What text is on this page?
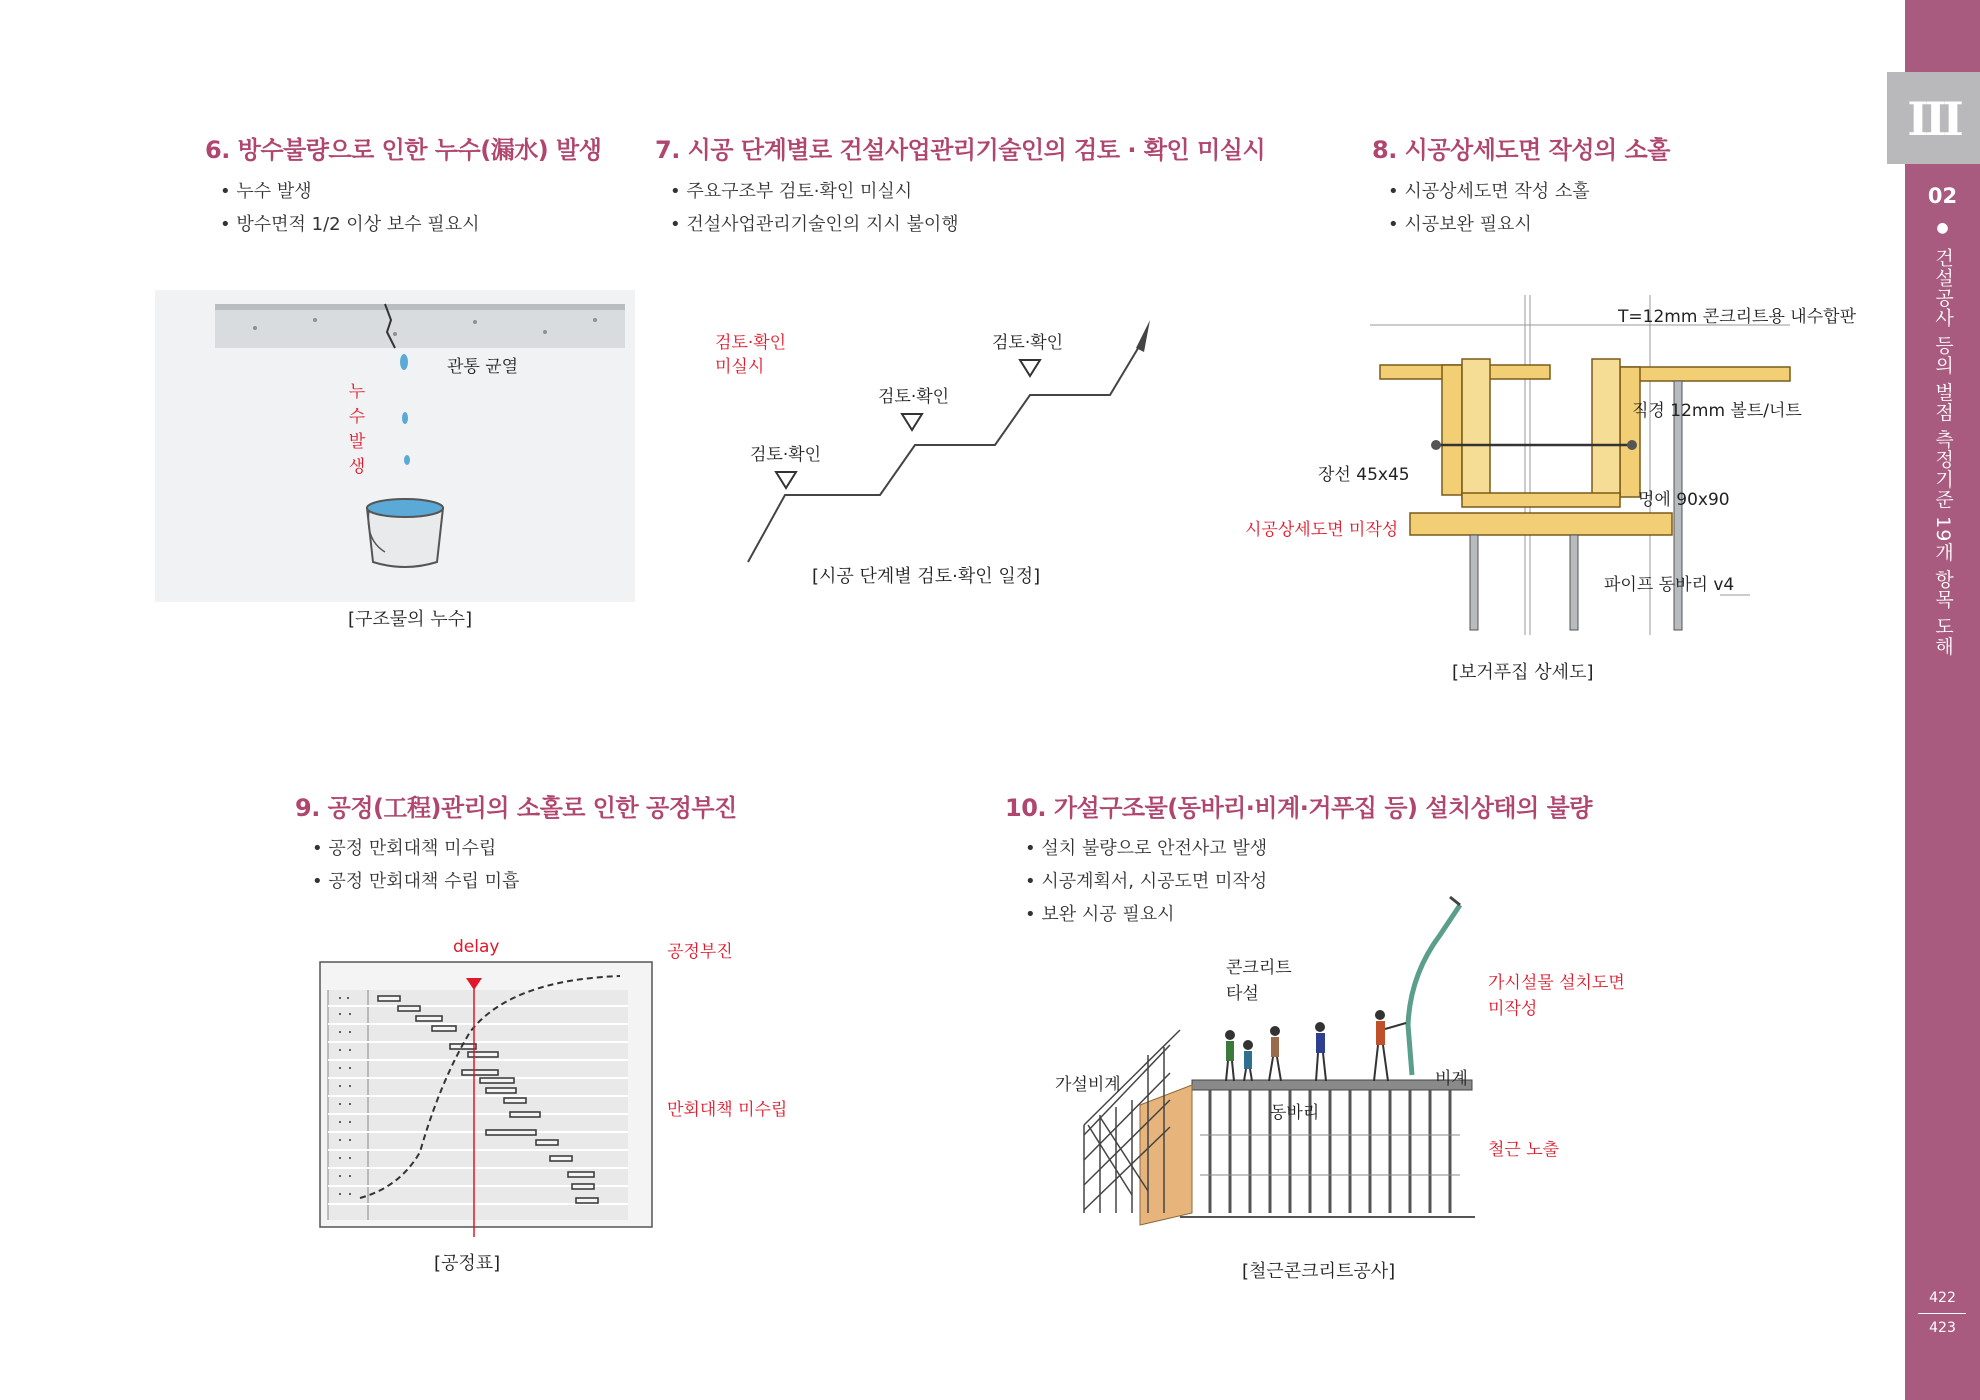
III
02
●
건설공사 등의 벌점 측정기준 19개 항목 도해
422
423
6. 방수불량으로 인한 누수(漏水) 발생
• 누수 발생
• 방수면적 1/2 이상 보수 필요시
관통 균열
누
수
발
생
[구조물의 누수]
7. 시공 단계별로 건설사업관리기술인의 검토 · 확인 미실시
• 주요구조부 검토·확인 미실시
• 건설사업관리기술인의 지시 불이행
검토·확인
미실시
검토·확인
검토·확인
검토·확인
[시공 단계별 검토·확인 일정]
8. 시공상세도면 작성의 소홀
• 시공상세도면 작성 소홀
• 시공보완 필요시
T=12mm 콘크리트용 내수합판
직경 12mm 볼트/너트
장선 45x45
멍에 90x90
시공상세도면 미작성
파이프 동바리 v4
[보거푸집 상세도]
9. 공정(工程)관리의 소홀로 인한 공정부진
• 공정 만회대책 미수립
• 공정 만회대책 수립 미흡
delay	공정부진
만회대책 미수립
[공정표]
10. 가설구조물(동바리·비계·거푸집 등) 설치상태의 불량
• 설치 불량으로 안전사고 발생
• 시공계획서, 시공도면 미작성
• 보완 시공 필요시
콘크리트
타설
가시설물 설치도면
미작성
가설비계	비계
동바리
철근 노출
[철근콘크리트공사]
